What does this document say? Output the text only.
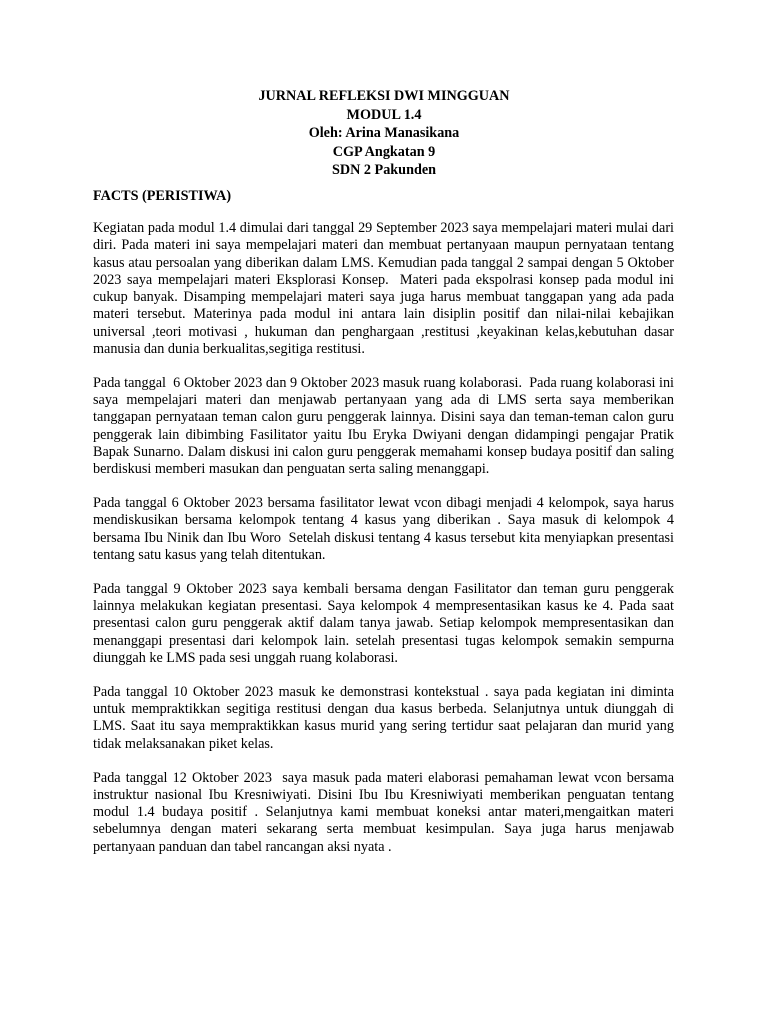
JURNAL REFLEKSI DWI MINGGUAN
MODUL 1.4
Oleh: Arina Manasikana
CGP Angkatan 9
SDN 2 Pakunden

FACTS (PERISTIWA)

Kegiatan pada modul 1.4 dimulai dari tanggal 29 September 2023 saya mempelajari materi mulai dari diri. Pada materi ini saya mempelajari materi dan membuat pertanyaan maupun pernyataan tentang kasus atau persoalan yang diberikan dalam LMS. Kemudian pada tanggal 2 sampai dengan 5 Oktober 2023 saya mempelajari materi Eksplorasi Konsep.  Materi pada ekspolrasi konsep pada modul ini cukup banyak. Disamping mempelajari materi saya juga harus membuat tanggapan yang ada pada materi tersebut. Materinya pada modul ini antara lain disiplin positif dan nilai-nilai kebajikan universal ,teori motivasi , hukuman dan penghargaan ,restitusi ,keyakinan kelas,kebutuhan dasar manusia dan dunia berkualitas,segitiga restitusi.

Pada tanggal  6 Oktober 2023 dan 9 Oktober 2023 masuk ruang kolaborasi.  Pada ruang kolaborasi ini  saya mempelajari materi dan menjawab pertanyaan yang ada di LMS serta saya memberikan tanggapan pernyataan teman calon guru penggerak lainnya. Disini saya dan teman-teman calon guru penggerak lain dibimbing Fasilitator yaitu Ibu Eryka Dwiyani dengan didampingi pengajar Pratik Bapak Sunarno. Dalam diskusi ini calon guru penggerak memahami konsep budaya positif dan saling berdiskusi memberi masukan dan penguatan serta saling menanggapi.

Pada tanggal 6 Oktober 2023 bersama fasilitator lewat vcon dibagi menjadi 4 kelompok, saya harus mendiskusikan bersama kelompok tentang 4 kasus yang diberikan . Saya masuk di kelompok 4 bersama Ibu Ninik dan Ibu Woro  Setelah diskusi tentang 4 kasus tersebut kita menyiapkan presentasi tentang satu kasus yang telah ditentukan.

Pada tanggal 9 Oktober 2023 saya kembali bersama dengan Fasilitator dan teman guru penggerak lainnya melakukan kegiatan presentasi. Saya kelompok 4 mempresentasikan kasus ke 4. Pada saat presentasi calon guru penggerak aktif dalam tanya jawab. Setiap kelompok mempresentasikan dan menanggapi presentasi dari kelompok lain. setelah presentasi tugas kelompok semakin sempurna diunggah ke LMS pada sesi unggah ruang kolaborasi.

Pada tanggal 10 Oktober 2023 masuk ke demonstrasi kontekstual . saya pada kegiatan ini diminta untuk mempraktikkan segitiga restitusi dengan dua kasus berbeda. Selanjutnya untuk diunggah di LMS. Saat itu saya mempraktikkan kasus murid yang sering tertidur saat pelajaran dan murid yang tidak melaksanakan piket kelas.

Pada tanggal 12 Oktober 2023  saya masuk pada materi elaborasi pemahaman lewat vcon bersama instruktur nasional Ibu Kresniwiyati. Disini Ibu Ibu Kresniwiyati memberikan penguatan tentang modul 1.4 budaya positif . Selanjutnya kami membuat koneksi antar materi,mengaitkan materi sebelumnya dengan materi sekarang serta membuat kesimpulan. Saya juga harus menjawab pertanyaan panduan dan tabel rancangan aksi nyata .
